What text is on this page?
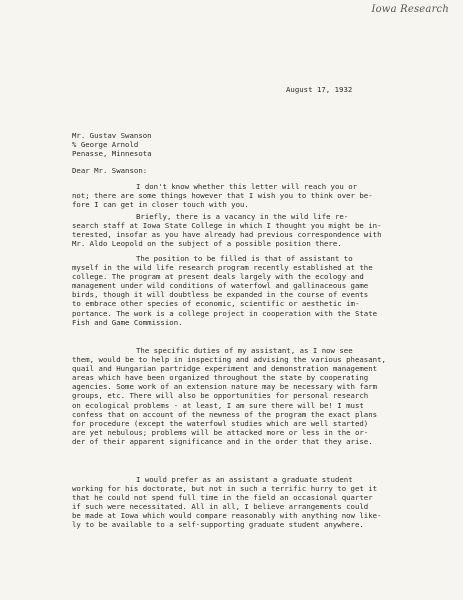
Iowa Research
August 17, 1932
Mr. Gustav Swanson
% George Arnold
Penasse, Minnesota
Dear Mr. Swanson:
I don't know whether this letter will reach you or
not; there are some things however that I wish you to think over be-
fore I can get in closer touch with you.
Briefly, there is a vacancy in the wild life re-
search staff at Iowa State College in which I thought you might be in-
terested, insofar as you have already had previous correspondence with
Mr. Aldo Leopold on the subject of a possible position there.
The position to be filled is that of assistant to
myself in the wild life research program recently established at the
college. The program at present deals largely with the ecology and
management under wild conditions of waterfowl and gallinaceous game
birds, though it will doubtless be expanded in the course of events
to embrace other species of economic, scientific or aesthetic im-
portance. The work is a college project in cooperation with the State
Fish and Game Commission.
The specific duties of my assistant, as I now see
them, would be to help in inspecting and advising the various pheasant,
quail and Hungarian partridge experiment and demonstration management
areas which have been organized throughout the state by cooperating
agencies. Some work of an extension nature may be necessary with farm
groups, etc. There will also be opportunities for personal research
on ecological problems - at least, I am sure there will be! I must
confess that on account of the newness of the program the exact plans
for procedure (except the waterfowl studies which are well started)
are yet nebulous; problems will be attacked more or less in the or-
der of their apparent significance and in the order that they arise.
I would prefer as an assistant a graduate student
working for his doctorate, but not in such a terrific hurry to get it
that he could not spend full time in the field an occasional quarter
if such were necessitated. All in all, I believe arrangements could
be made at Iowa which would compare reasonably with anything now like-
ly to be available to a self-supporting graduate student anywhere.
